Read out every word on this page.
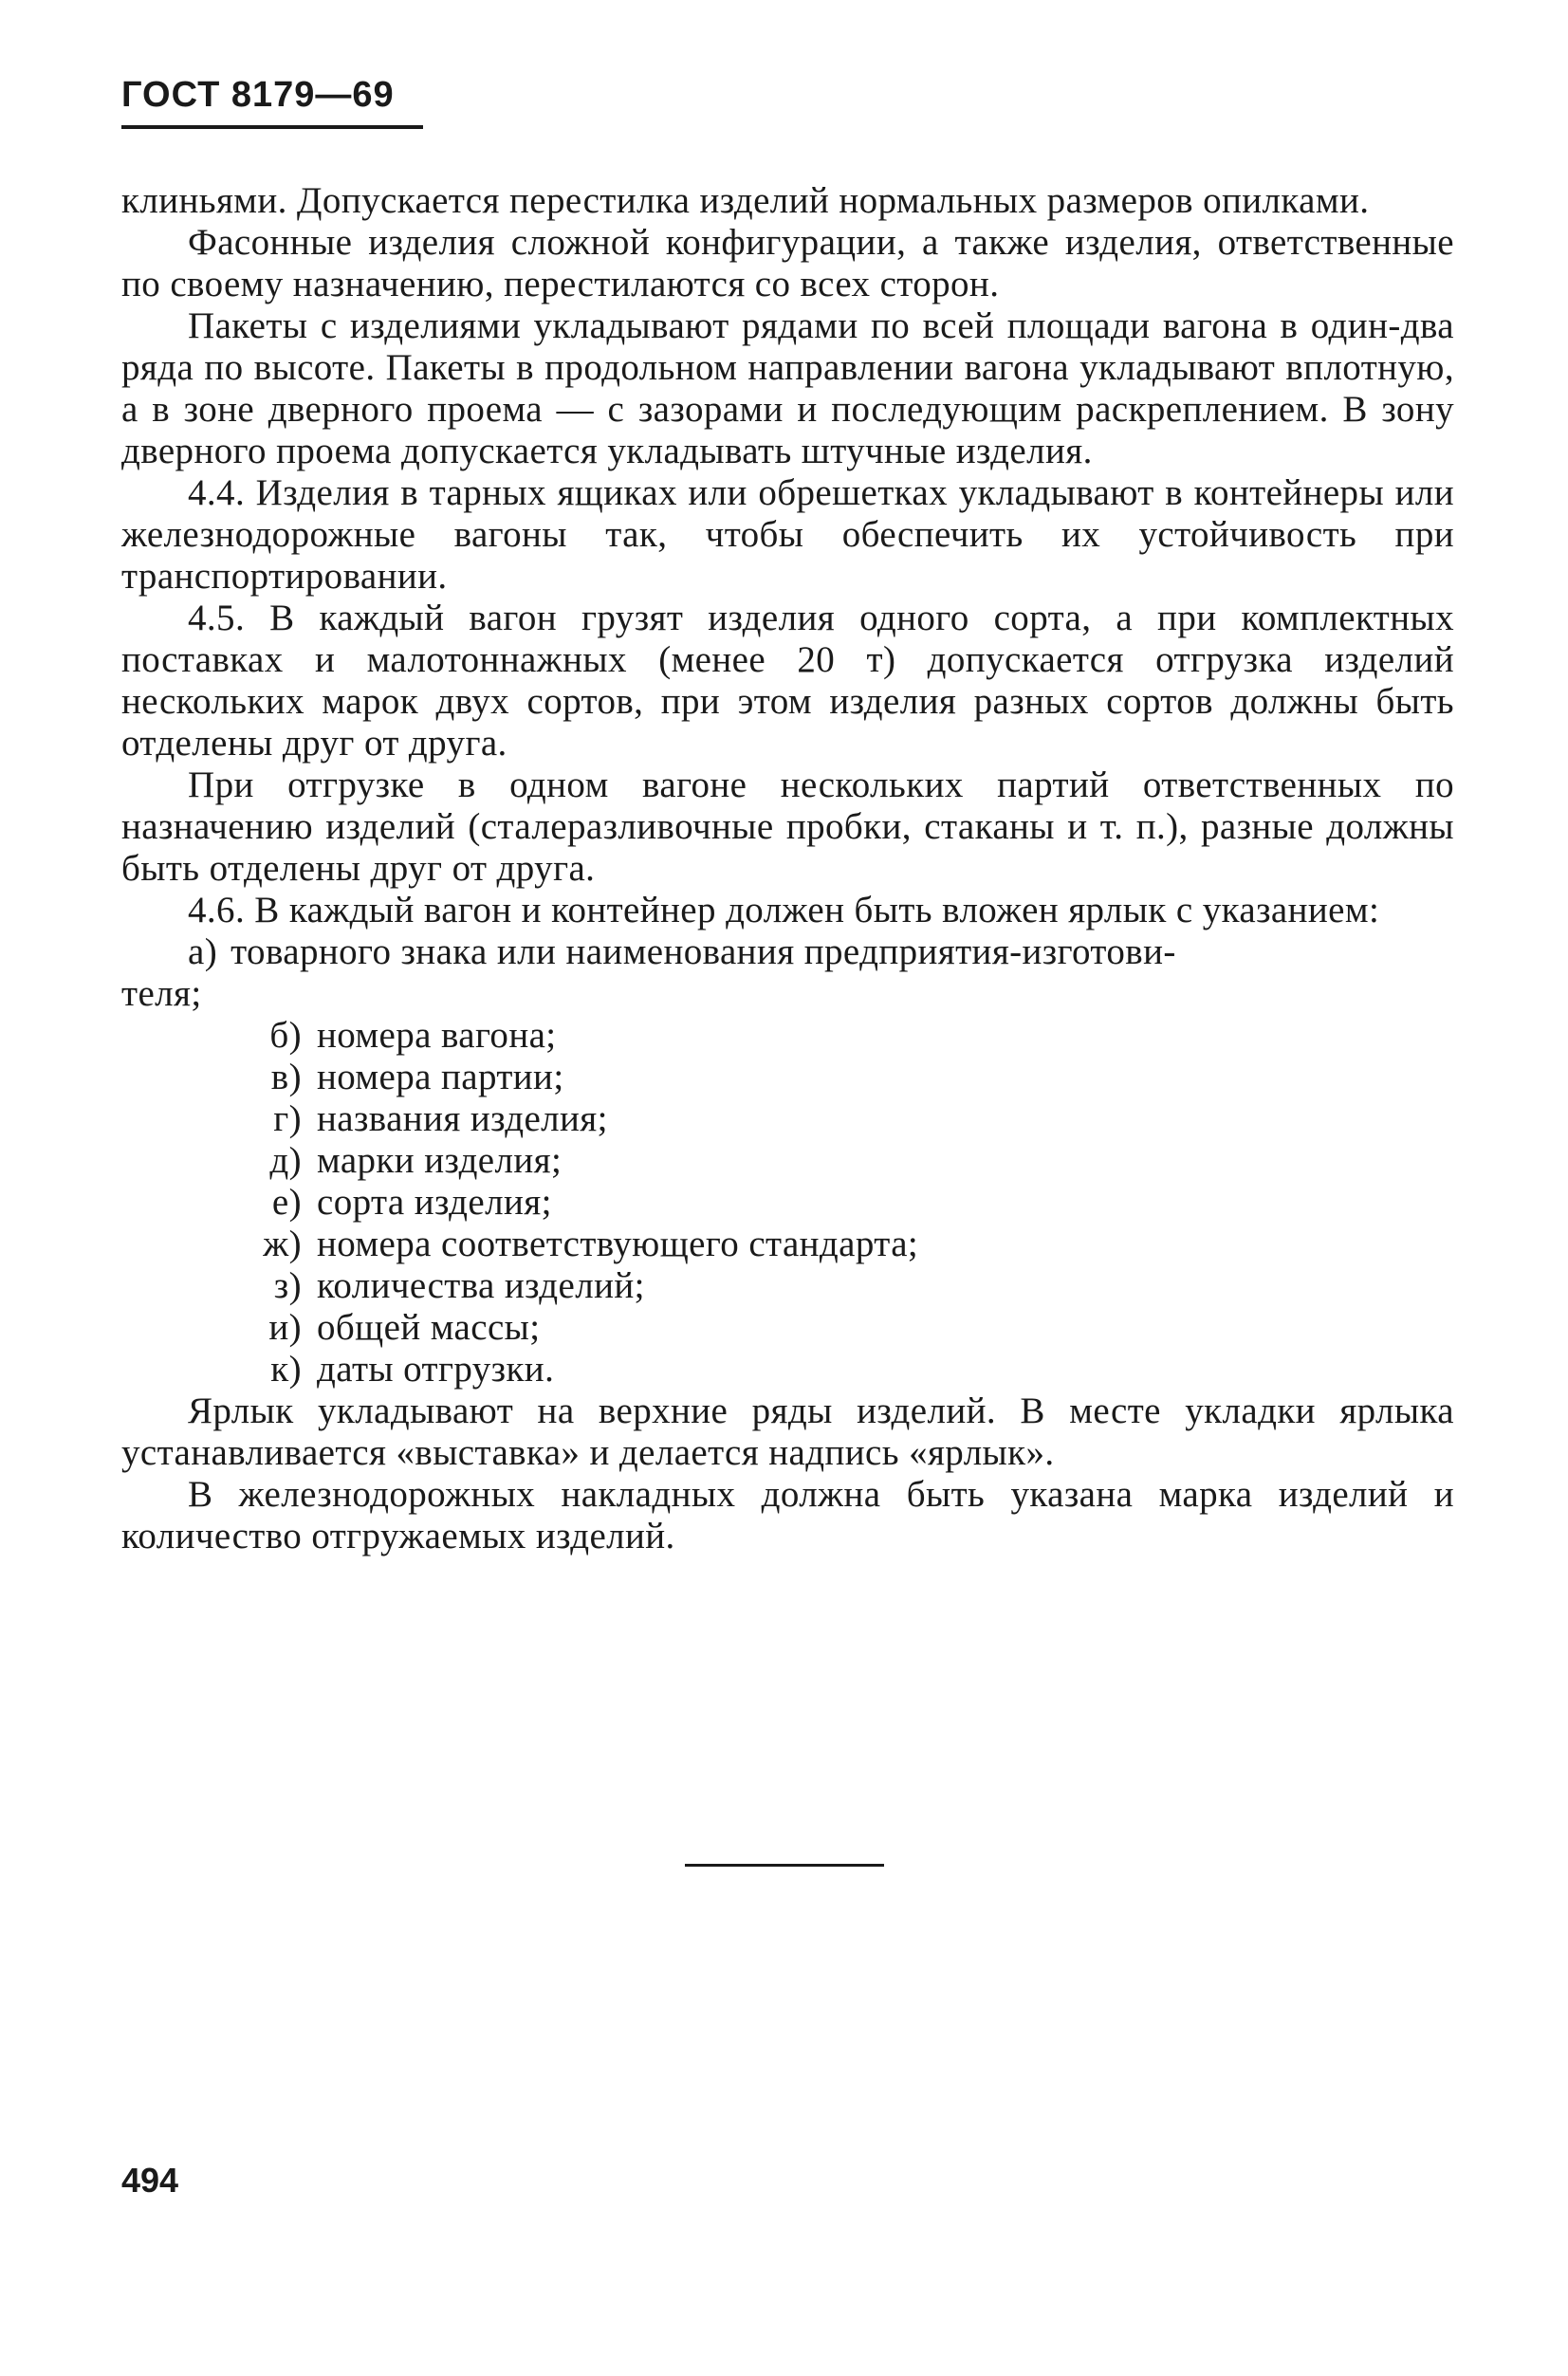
ГОСТ 8179—69

клиньями. Допускается перестилка изделий нормальных размеров опилками.

Фасонные изделия сложной конфигурации, а также изделия, ответственные по своему назначению, перестилаются со всех сторон.

Пакеты с изделиями укладывают рядами по всей площади вагона в один-два ряда по высоте. Пакеты в продольном направлении вагона укладывают вплотную, а в зоне дверного проема — с зазорами и последующим раскреплением. В зону дверного проема допускается укладывать штучные изделия.

4.4. Изделия в тарных ящиках или обрешетках укладывают в контейнеры или железнодорожные вагоны так, чтобы обеспечить их устойчивость при транспортировании.

4.5. В каждый вагон грузят изделия одного сорта, а при комплектных поставках и малотоннажных (менее 20 т) допускается отгрузка изделий нескольких марок двух сортов, при этом изделия разных сортов должны быть отделены друг от друга.

При отгрузке в одном вагоне нескольких партий ответственных по назначению изделий (сталеразливочные пробки, стаканы и т. п.), разные должны быть отделены друг от друга.

4.6. В каждый вагон и контейнер должен быть вложен ярлык с указанием:

а) товарного знака или наименования предприятия-изготови-
теля;
б) номера вагона;
в) номера партии;
г) названия изделия;
д) марки изделия;
е) сорта изделия;
ж) номера соответствующего стандарта;
з) количества изделий;
и) общей массы;
к) даты отгрузки.

Ярлык укладывают на верхние ряды изделий. В месте укладки ярлыка устанавливается «выставка» и делается надпись «ярлык».

В железнодорожных накладных должна быть указана марка изделий и количество отгружаемых изделий.

494
